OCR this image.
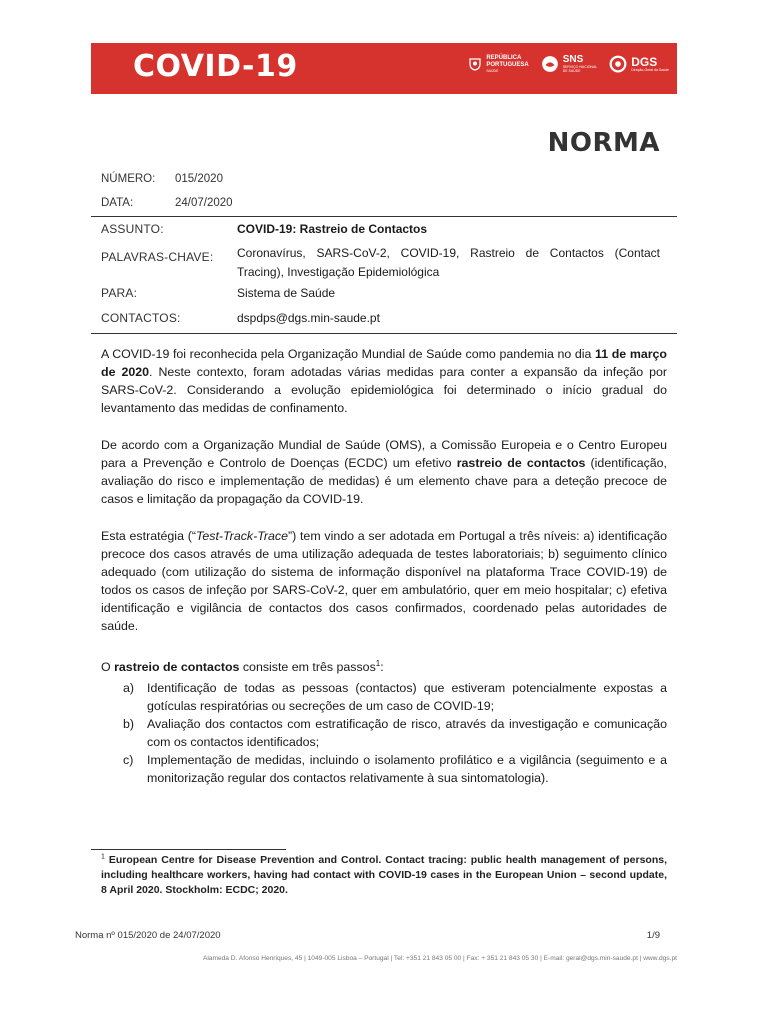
COVID-19	REPÚBLICA
PORTUGUESA
SAÚDE
SNS
SERVIÇO NACIONAL
DE SAÚDE
DGS
Direção-Geral da Saúde
NORMA
NÚMERO: 015/2020
DATA:	24/07/2020
ASSUNTO:	COVID-19: Rastreio de Contactos
PALAVRAS-CHAVE: Coronavírus, SARS-CoV-2, COVID-19, Rastreio de Contactos (Contact Tracing), Investigação Epidemiológica
PARA:	Sistema de Saúde
CONTACTOS:	dspdps@dgs.min-saude.pt
A COVID-19 foi reconhecida pela Organização Mundial de Saúde como pandemia no dia 11 de março de 2020. Neste contexto, foram adotadas várias medidas para conter a expansão da infeção por SARS-CoV-2. Considerando a evolução epidemiológica foi determinado o início gradual do levantamento das medidas de confinamento.
De acordo com a Organização Mundial de Saúde (OMS), a Comissão Europeia e o Centro Europeu para a Prevenção e Controlo de Doenças (ECDC) um efetivo rastreio de contactos (identificação, avaliação do risco e implementação de medidas) é um elemento chave para a deteção precoce de casos e limitação da propagação da COVID-19.
Esta estratégia (“Test-Track-Trace”) tem vindo a ser adotada em Portugal a três níveis: a) identificação precoce dos casos através de uma utilização adequada de testes laboratoriais; b) seguimento clínico adequado (com utilização do sistema de informação disponível na plataforma Trace COVID-19) de todos os casos de infeção por SARS-CoV-2, quer em ambulatório, quer em meio hospitalar; c) efetiva identificação e vigilância de contactos dos casos confirmados, coordenado pelas autoridades de saúde.
O rastreio de contactos consiste em três passos$^1$:
a) Identificação de todas as pessoas (contactos) que estiveram potencialmente expostas a gotículas respiratórias ou secreções de um caso de COVID-19;
b) Avaliação dos contactos com estratificação de risco, através da investigação e comunicação com os contactos identificados;
c) Implementação de medidas, incluindo o isolamento profilático e a vigilância (seguimento e a monitorização regular dos contactos relativamente à sua sintomatologia).
$^1$ European Centre for Disease Prevention and Control. Contact tracing: public health management of persons, including healthcare workers, having had contact with COVID-19 cases in the European Union – second update, 8 April 2020. Stockholm: ECDC; 2020.
Norma nº 015/2020 de 24/07/2020	1/9
Alameda D. Afonso Henriques, 45 | 1049-005 Lisboa – Portugal | Tel: +351 21 843 05 00 | Fax: + 351 21 843 05 30 | E-mail: geral@dgs.min-saude.pt | www.dgs.pt
